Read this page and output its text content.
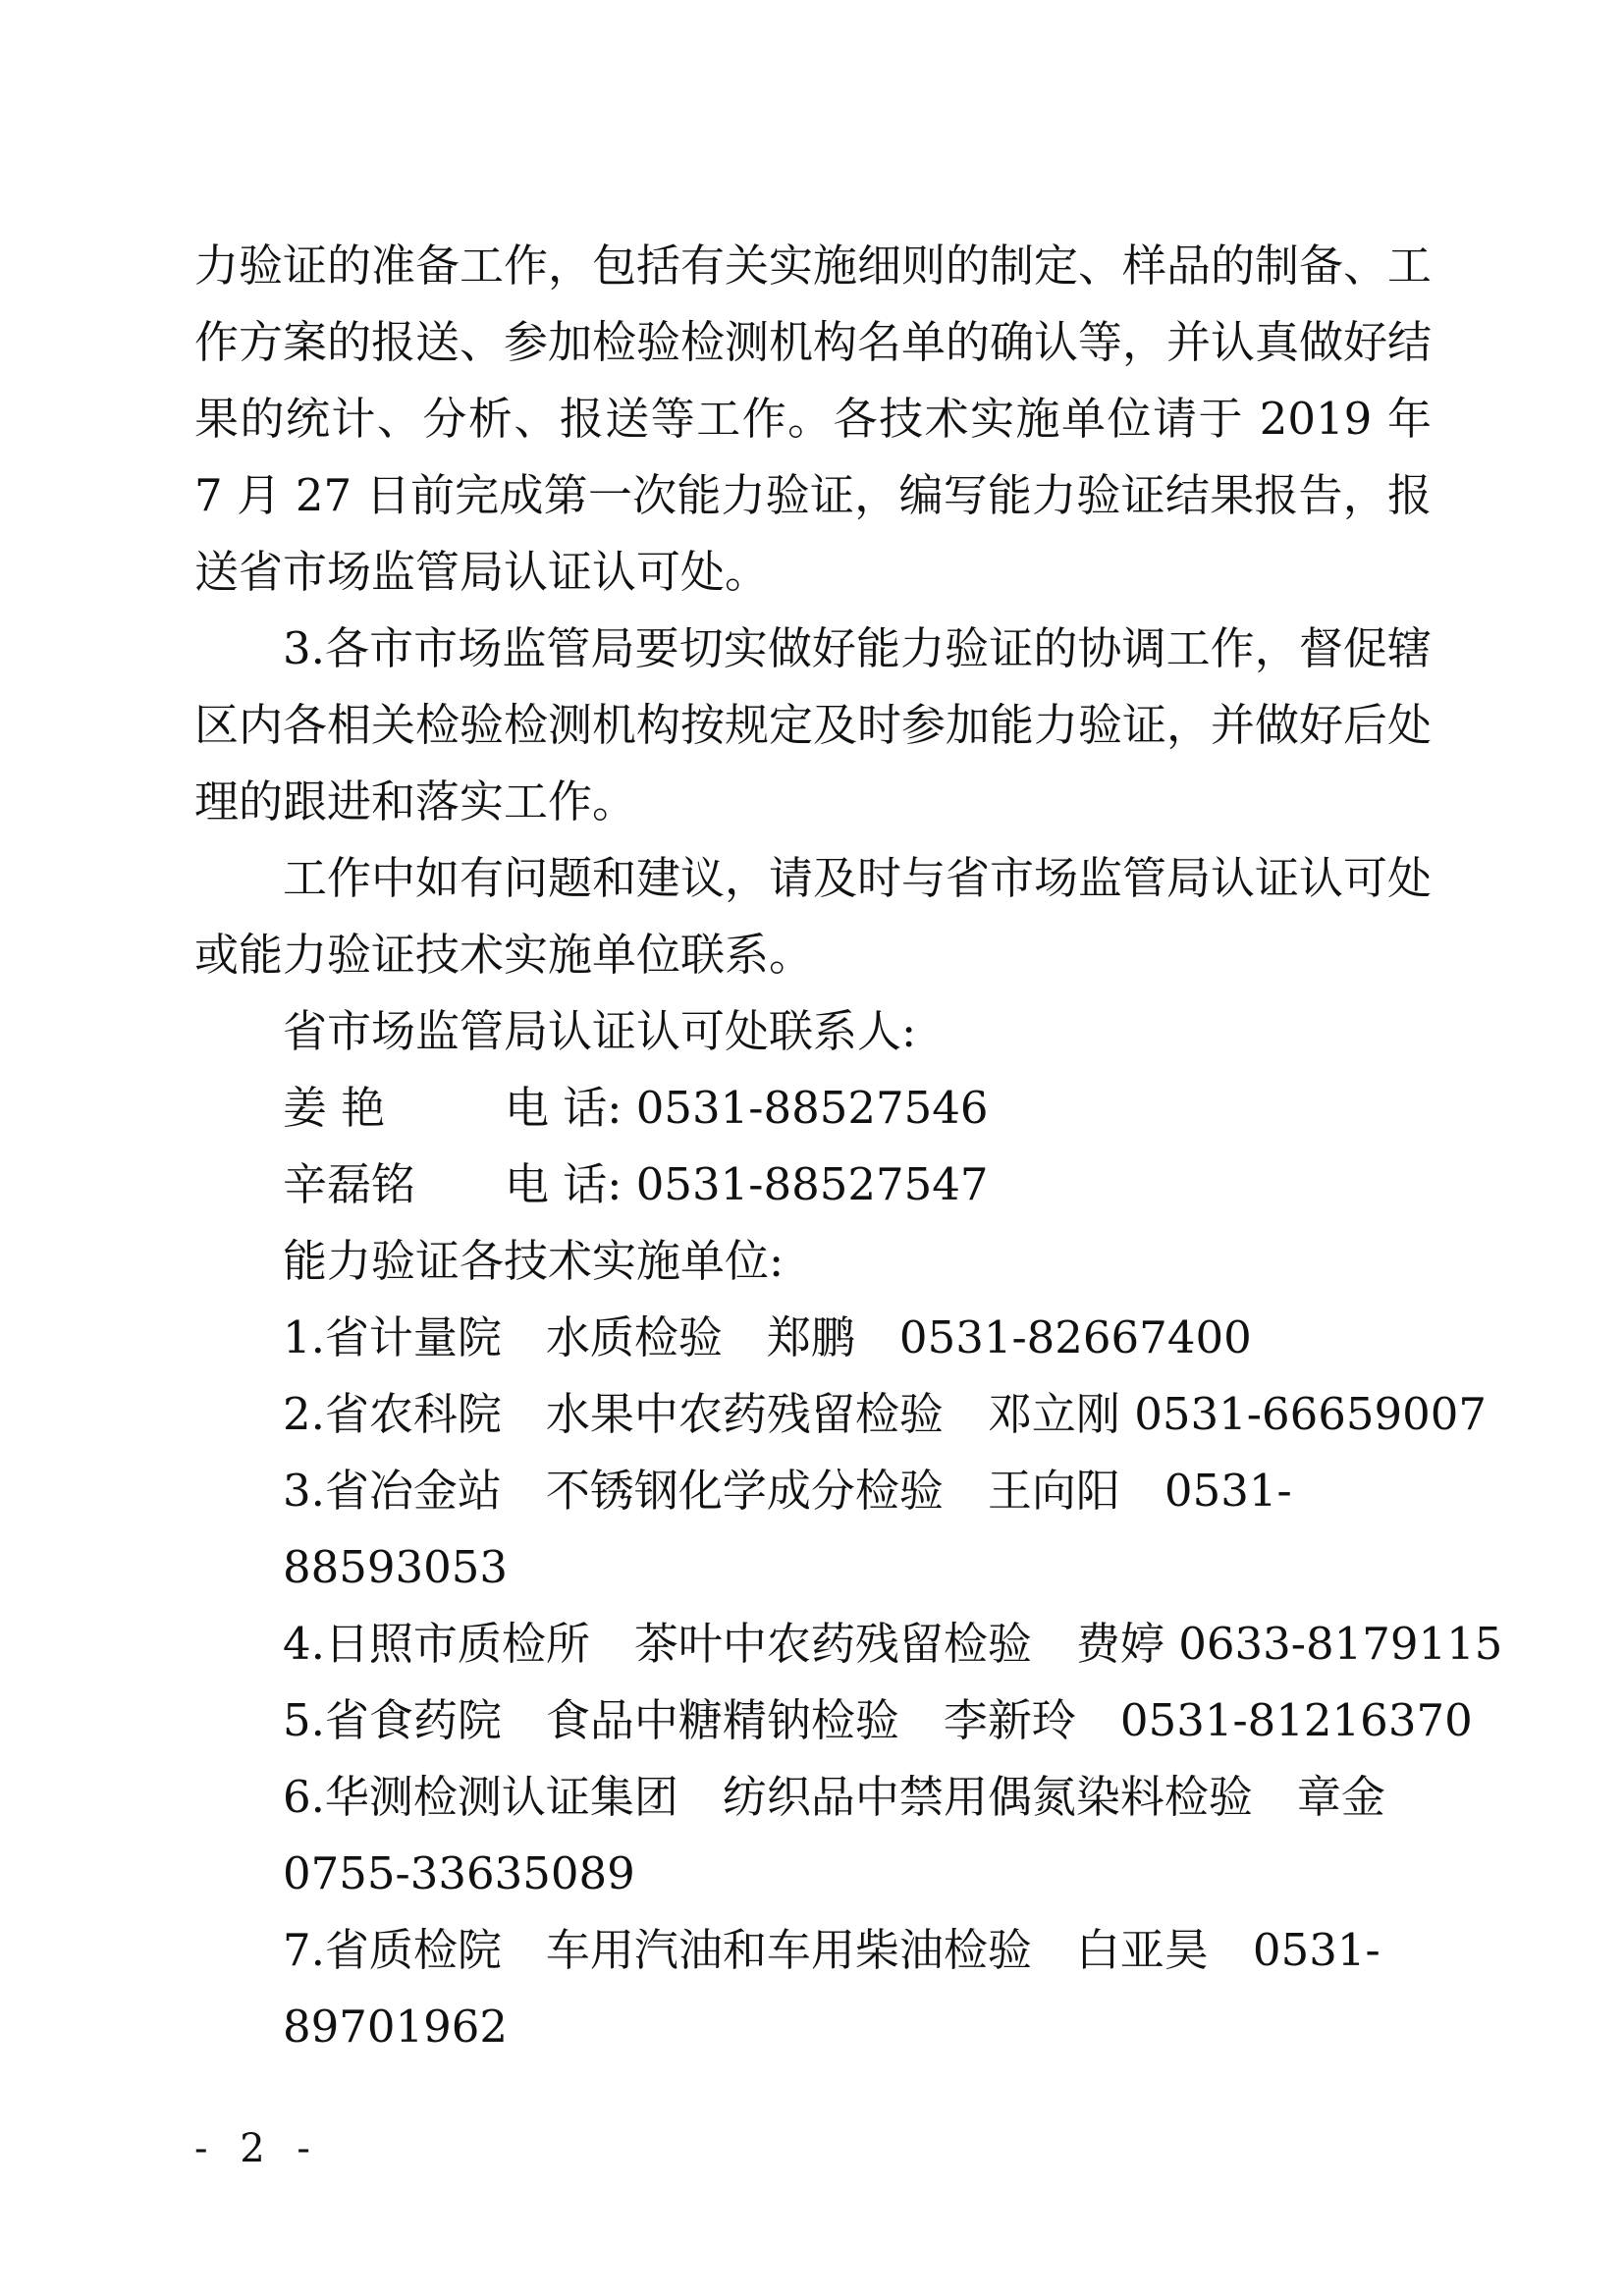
力验证的准备工作，包括有关实施细则的制定、样品的制备、工作方案的报送、参加检验检测机构名单的确认等，并认真做好结果的统计、分析、报送等工作。各技术实施单位请于 2019 年 7 月 27 日前完成第一次能力验证，编写能力验证结果报告，报送省市场监管局认证认可处。

3.各市市场监管局要切实做好能力验证的协调工作，督促辖区内各相关检验检测机构按规定及时参加能力验证，并做好后处理的跟进和落实工作。

工作中如有问题和建议，请及时与省市场监管局认证认可处或能力验证技术实施单位联系。

省市场监管局认证认可处联系人:

姜 艳	电 话: 0531-88527546

辛磊铭 电 话: 0531-88527547

能力验证各技术实施单位:

1.省计量院　水质检验　郑鹏　0531-82667400

2.省农科院　水果中农药残留检验　邓立刚 0531-66659007

3.省冶金站　不锈钢化学成分检验　王向阳　0531-88593053

4.日照市质检所　茶叶中农药残留检验　费婷 0633-8179115

5.省食药院　食品中糖精钠检验　李新玲　0531-81216370

6.华测检测认证集团　纺织品中禁用偶氮染料检验　章金 0755-33635089

7.省质检院　车用汽油和车用柴油检验　白亚昊　0531-89701962

- 2 -
